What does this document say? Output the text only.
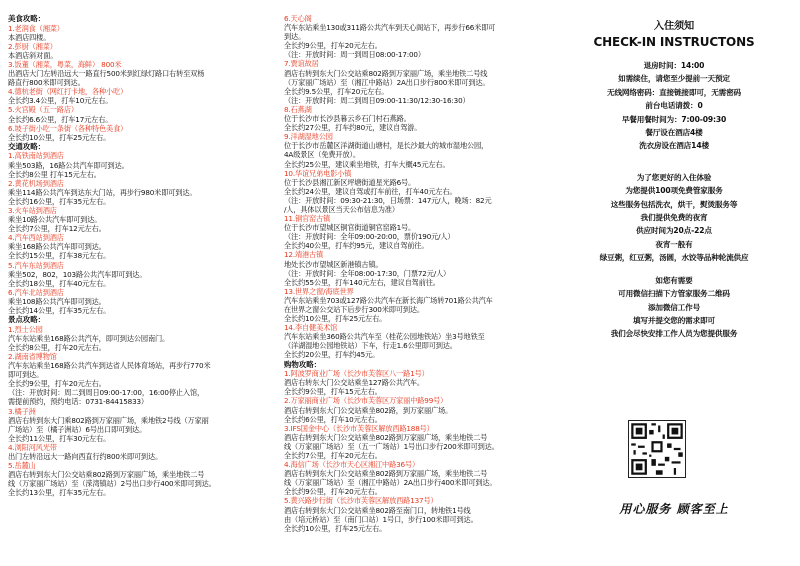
美食攻略：
1.老润食（湘菜）
本酒店四楼。
2.彭厨（湘菜）
本酒店斜对面。
3.饭董（湘菜，粤菜，海鲜） 800米
出酒店大门左转沿远大一路直行500米到红绿灯路口右转至双杨
路直行800米即可到达。
4.德杭老街（网红打卡地，各种小吃）
全长约3.4公里，打车10元左右。
5.火宫殿（五一路店）
全长约6.6公里，打车17元左右。
6.坡子街小吃一条街（各种特色美食）
全长约10公里，打车25元左右。
交通攻略：
1.高铁南站到酒店
乘坐503路，16路公共汽车即可到达。
全长约8公里 打车15元左右。
2.黄花机场到酒店
乘坐114路公共汽车到达东大门站，再步行980米即可到达。
全长约16公里，打车35元左右。
3.火车站到酒店
乘坐10路公共汽车即可到达。
全长约7公里，打车12元左右。
4.汽车西站到酒店
乘坐168路公共汽车即可到达。
全长约15公里，打车38元左右。
5.汽车东站到酒店
乘坐502，802，103路公共汽车即可到达。
全长约18公里，打车40元左右。
6.汽车北站到酒店
乘坐108路公共汽车即可到达。
全长约14公里，打车35元左右。
景点攻略：
1.烈士公园
汽车东站乘坐168路公共汽车，即可到达公园南门。
全长约8公里，打车20元左右。
2.湖南省博物馆
汽车东站乘坐168路公共汽车到达省人民体育场站，再步行770米
即可到达。
全长约9公里，打车20元左右。
（注：开放时间：周二到周日09:00-17:00，16:00停止入馆，
需提前预约，预约电话：0731-84415833）
3.橘子洲
酒店右转到东大门乘802路到万家丽广场，乘地铁2号线（万家丽
广场站）至（橘子洲站）6号出口即可到达。
全长约11公里，打车30元左右。
4.浏阳河风光带
出门左转沿远大一路向西直行约800米即可到达。
5.岳麓山
酒店右转到东大门公交站乘802路到万家丽广场，乘坐地铁二号
线（万家丽广场站）至（溁湾镇站）2号出口步行400米即可到达。
全长约13公里，打车35元左右。
6.天心阁
汽车东站乘坐130或311路公共汽车到天心阁站下，再步行66米即可
到达。
全长约9公里，打车20元左右。
（注：开放时间：周一到周日08:00-17:00）
7.贾谊故居
酒店右转到东大门公交站乘802路到万家丽广场，乘坐地铁二号线
（万家丽广场站）至（湘江中路站）2A出口步行800米即可到达。
全长约9.5公里，打车20元左右。
（注：开放时间：周二到周日09:00-11:30/12:30-16:30）
8.石燕湖
位于长沙市长沙县暮云乡石门村石燕路。
全长约27公里，打车约80元，建议自驾游。
9.洋湖湿地公园
位于长沙市岳麓区洋湖街道山塘村，是长沙最大的城市湿地公园，
4A级景区（免费开放）。
全长约25公里，建议乘坐地铁，打车大概45元左右。
10.华谊兄弟电影小镇
位于长沙县湘江新区坪塘街道星光路6号。
全长约24公里，建议自驾或打车前往，打车40元左右。
（注：开放时间：09:30-21:30，日场票：147元/人，晚场：82元
/人，具体以景区当天公布信息为准）
11.铜官窑古镇
位于长沙市望城区铜官街道铜官窑路1号。
（注：开放时间：全年09:00-20:00，票价190元/人）
全长约40公里，打车约95元，建议自驾前往。
12.靖港古镇
地处长沙市望城区新港镇古镇。
（注：开放时间：全年08:00-17:30，门票72元/人）
全长约55公里，打车140元左右，建议自驾前往。
13.世界之窗/海底世界
汽车东站乘坐703或127路公共汽车在新长海广场转701路公共汽车
在世界之窗公交站下后步行300米即可到达。
全长约10公里，打车25元左右。
14.李自健美术馆
汽车东站乘坐360路公共汽车至（桂花公园地铁站）坐3号地铁至
（洋湖湿地公园地铁站）下车，行走1.6公里即可到达。
全长约20公里，打车约45元。
购物攻略：
1.阿波罗商业广场（长沙市芙蓉区八一路1号）
酒店右转东大门公交站乘坐127路公共汽车。
全长约9公里，打车15元左右。
2.万家丽商业广场（长沙市芙蓉区万家丽中路99号）
酒店右转到东大门公交站乘坐802路，到万家丽广场。
全长约6公里，打车10元左右。
3.IFS国金中心（长沙市芙蓉区解放西路188号）
酒店右转到东大门公交站乘坐802路到万家丽广场，乘坐地铁二号
线（万家丽广场站）至（五一广场站）1号出口步行200米即可到达。
全长约7公里，打车20元左右。
4.海信广场（长沙市天心区湘江中路36号）
酒店右转到东大门公交站乘坐802路到万家丽广场，乘坐地铁二号
线（万家丽广场站）至（湘江中路站）2A出口步行400米即可到达。
全长约9公里，打车20元左右。
5.黄兴路步行街（长沙市芙蓉区解放西路137号）
酒店右转到东大门公交站乘坐802路至南门口，转地铁1号线
由（培元桥站）至（南门口站）1号口，步行100米即可到达。
全长约10公里，打车25元左右。
入住须知
CHECK-IN INSTRUCTONS
退房时间：14:00
如需续住，请您至少提前一天预定
无线网络密码：直接链接即可，无需密码
前台电话请拨：0
早餐用餐时间为：7:00-09:30
餐厅设在酒店4楼
洗衣房设在酒店14楼
为了您更好的入住体验
为您提供100项免费管家服务
这些服务包括洗衣，烘干，熨烫服务等
我们提供免费的夜宵
供应时间为20点-22点
夜宵一般有
绿豆粥，红豆粥，汤圆，水饺等品种轮流供应
如您有需要
可用微信扫描下方管家服务二维码
添加微信工作号
填写并提交您的需求即可
我们会尽快安排工作人员为您提供服务
用心服务 顾客至上
